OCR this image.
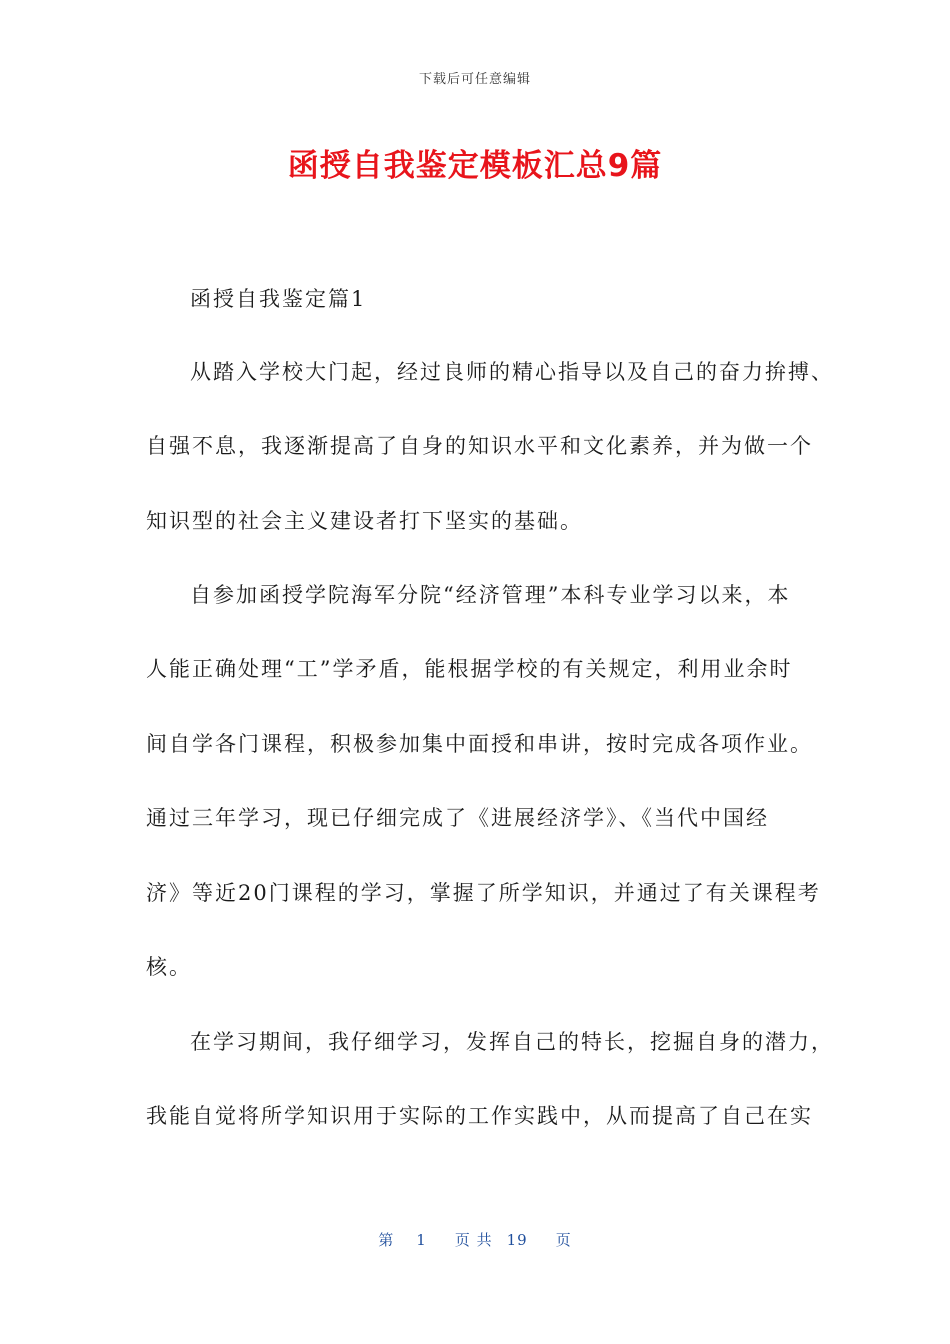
下载后可任意编辑
函授自我鉴定模板汇总9篇
函授自我鉴定篇1
从踏入学校大门起，经过良师的精心指导以及自己的奋力拚搏、
自强不息，我逐渐提高了自身的知识水平和文化素养，并为做一个
知识型的社会主义建设者打下坚实的基础。
自参加函授学院海军分院“经济管理”本科专业学习以来，本
人能正确处理“工”学矛盾，能根据学校的有关规定，利用业余时
间自学各门课程，积极参加集中面授和串讲，按时完成各项作业。
通过三年学习，现已仔细完成了《进展经济学》、《当代中国经
济》等近20门课程的学习，掌握了所学知识，并通过了有关课程考
核。
在学习期间，我仔细学习，发挥自己的特长，挖掘自身的潜力，
我能自觉将所学知识用于实际的工作实践中，从而提高了自己在实
第 1 页 共 19 页
